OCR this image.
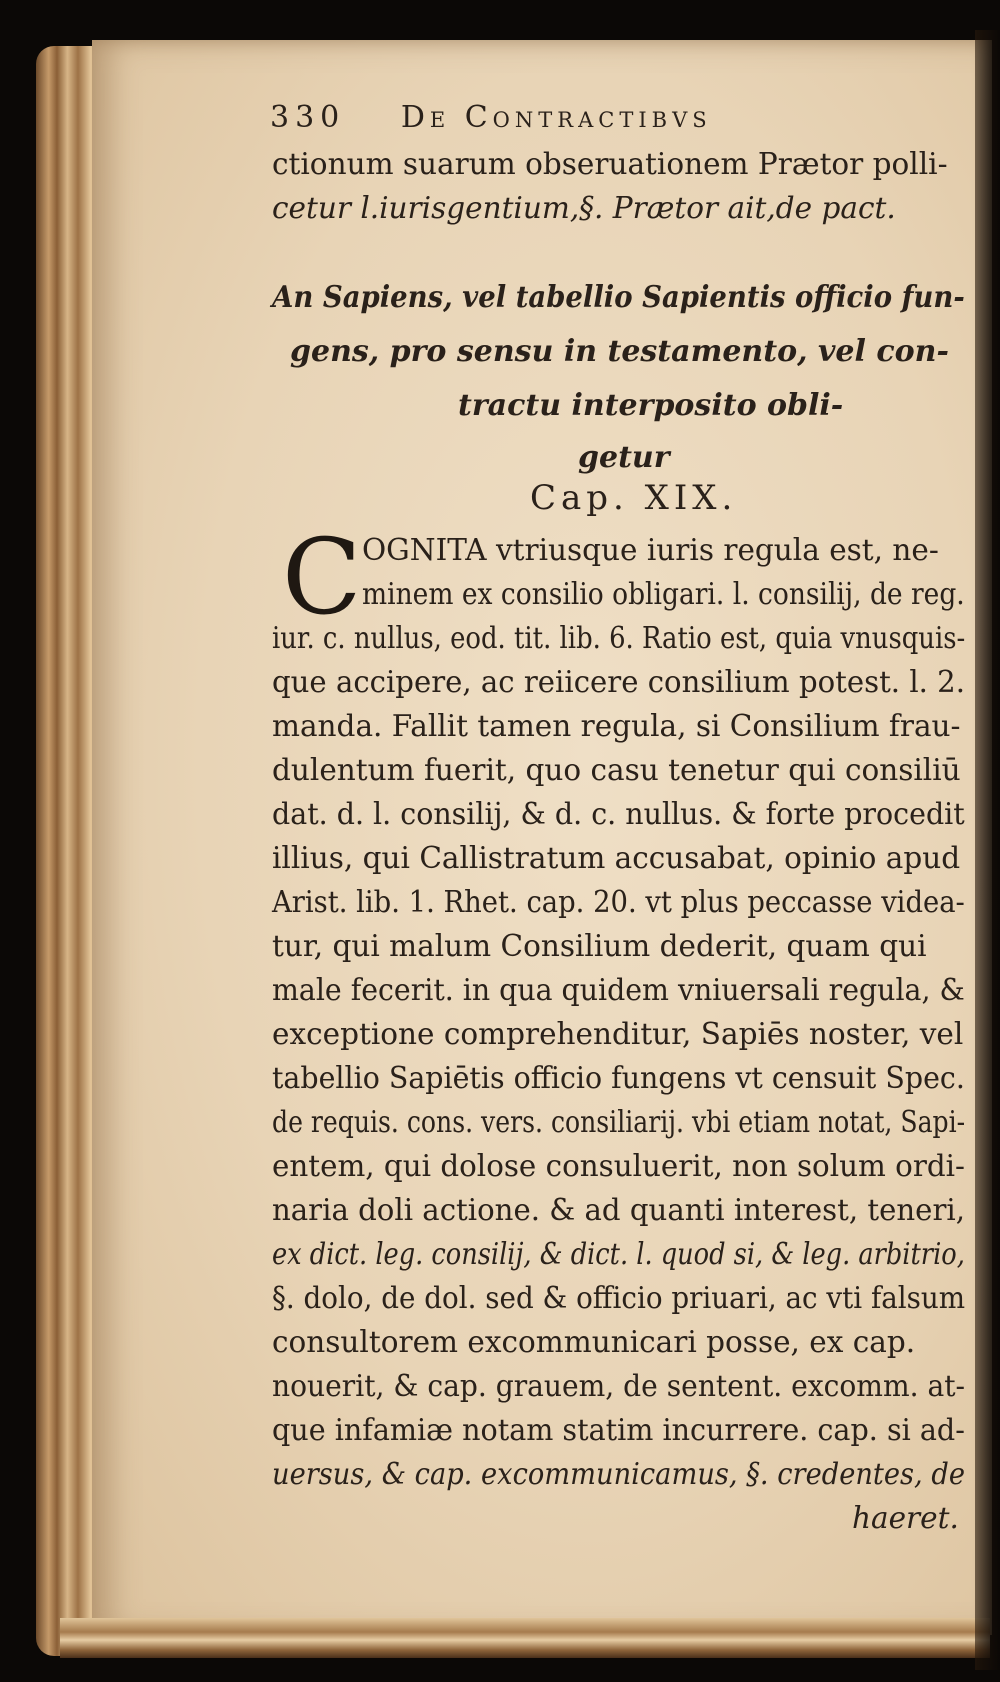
330 De Contractibvs
ctionum suarum obseruationem Prætor polli-
cetur l.iurisgentium,§. Prætor ait,de pact.
An Sapiens, vel tabellio Sapientis officio fun-
gens, pro sensu in testamento, vel con-
tractu interposito obli-
getur
Cap. XIX.
C OGNITA vtriusque iuris regula est, ne-
minem ex consilio obligari. l. consilij, de reg.
iur. c. nullus, eod. tit. lib. 6. Ratio est, quia vnusquis-
que accipere, ac reiicere consilium potest. l. 2.
manda. Fallit tamen regula, si Consilium frau-
dulentum fuerit, quo casu tenetur qui consiliū
dat. d. l. consilij, & d. c. nullus. & forte procedit
illius, qui Callistratum accusabat, opinio apud
Arist. lib. 1. Rhet. cap. 20. vt plus peccasse videa-
tur, qui malum Consilium dederit, quam qui
male fecerit. in qua quidem vniuersali regula, &
exceptione comprehenditur, Sapiēs noster, vel
tabellio Sapiētis officio fungens vt censuit Spec.
de requis. cons. vers. consiliarij. vbi etiam notat, Sapi-
entem, qui dolose consuluerit, non solum ordi-
naria doli actione. & ad quanti interest, teneri,
ex dict. leg. consilij, & dict. l. quod si, & leg. arbitrio,
§. dolo, de dol. sed & officio priuari, ac vti falsum
consultorem excommunicari posse, ex cap.
nouerit, & cap. grauem, de sentent. excomm. at-
que infamiæ notam statim incurrere. cap. si ad-
uersus, & cap. excommunicamus, §. credentes, de
haeret.
